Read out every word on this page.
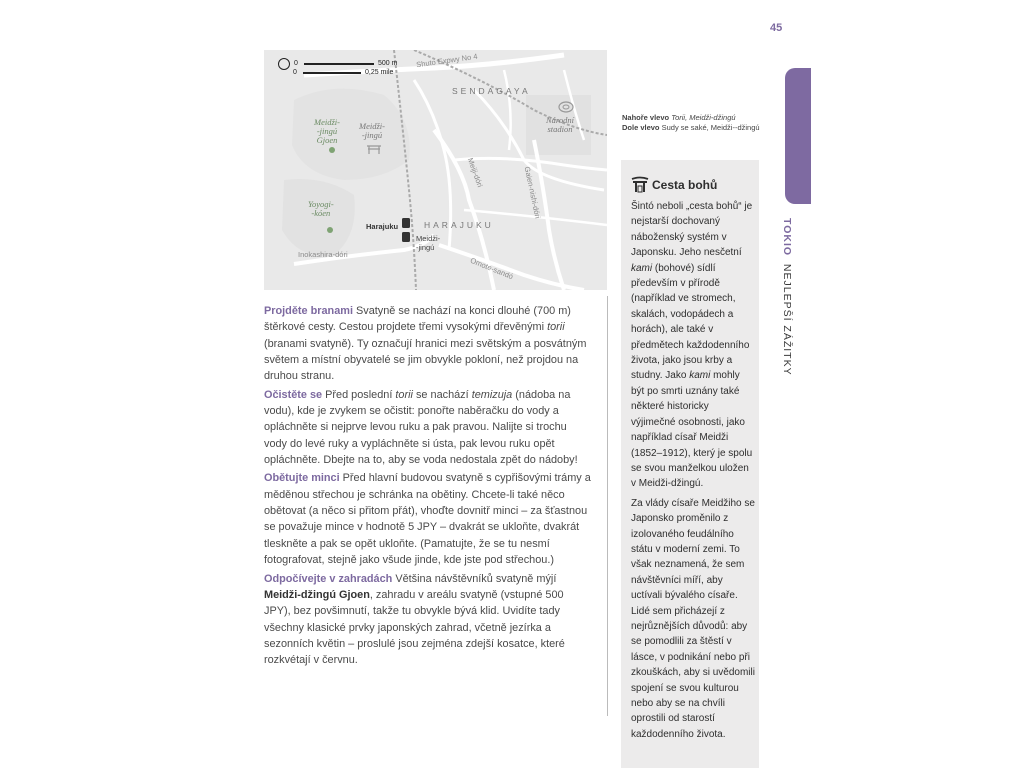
45
TOKIO  NEJLEPŠÍ ZÁŽITKY
0	500 m
0	0,25 mile
Shuto Expwy No 4
SENDAGAYA
HARAJUKU
Meidži-
-jingú
Gjoen
Meidži-
-jingú
Yoyogi-
-kóen
Národní
stadion
Harajuku
Meidži-
-jingú
Meiji-dóri	Gaien-nishi-dóri
Inokashira-dóri
Omote-sandó
Nahoře vlevo Torii, Meidži-džingú
Dole vlevo Sudy se saké, Meidži--džingú
Cesta bohů

Šintó neboli „cesta bohů“ je nejstarší dochovaný náboženský systém v Japonsku. Jeho nesčetní kami (bohové) sídlí především v přírodě (například ve stromech, skalách, vodopádech a horách), ale také v předmětech každodenního života, jako jsou krby a studny. Jako kami mohly být po smrti uznány také některé historicky výjimečné osobnosti, jako například císař Meidži (1852–1912), který je spolu se svou manželkou uložen v Meidži-džingú.

Za vlády císaře Meidžiho se Japonsko proměnilo z izolovaného feudálního státu v moderní zemi. To však neznamená, že sem návštěvníci míří, aby uctívali bývalého císaře. Lidé sem přicházejí z nejrůznějších důvodů: aby se pomodlili za štěstí v lásce, v podnikání nebo při zkouškách, aby si uvědomili spojení se svou kulturou nebo aby se na chvíli oprostili od starostí každodenního života.

Projděte branami Svatyně se nachází na konci dlouhé (700 m) štěrkové cesty. Cestou projdete třemi vysokými dřevěnými torii (branami svatyně). Ty označují hranici mezi světským a posvátným světem a místní obyvatelé se jim obvykle pokloní, než projdou na druhou stranu.

Očistěte se Před poslední torii se nachází temizuja (nádoba na vodu), kde je zvykem se očistit: ponořte naběračku do vody a opláchněte si nejprve levou ruku a pak pravou. Nalijte si trochu vody do levé ruky a vypláchněte si ústa, pak levou ruku opět opláchněte. Dbejte na to, aby se voda nedostala zpět do nádoby!

Obětujte minci Před hlavní budovou svatyně s cypřišovými trámy a měděnou střechou je schránka na obětiny. Chcete-li také něco obětovat (a něco si přitom přát), vhoďte dovnitř minci – za šťastnou se považuje mince v hodnotě 5 JPY – dvakrát se ukloňte, dvakrát tleskněte a pak se opět ukloňte. (Pamatujte, že se tu nesmí fotografovat, stejně jako všude jinde, kde jste pod střechou.)

Odpočívejte v zahradách Většina návštěvníků svatyně mýjí Meidži-džingú Gjoen, zahradu v areálu svatyně (vstupné 500 JPY), bez povšimnutí, takže tu obvykle bývá klid. Uvidíte tady všechny klasické prvky japonských zahrad, včetně jezírka a sezonních květin – proslulé jsou zejména zdejší kosatce, které rozkvétají v červnu.
